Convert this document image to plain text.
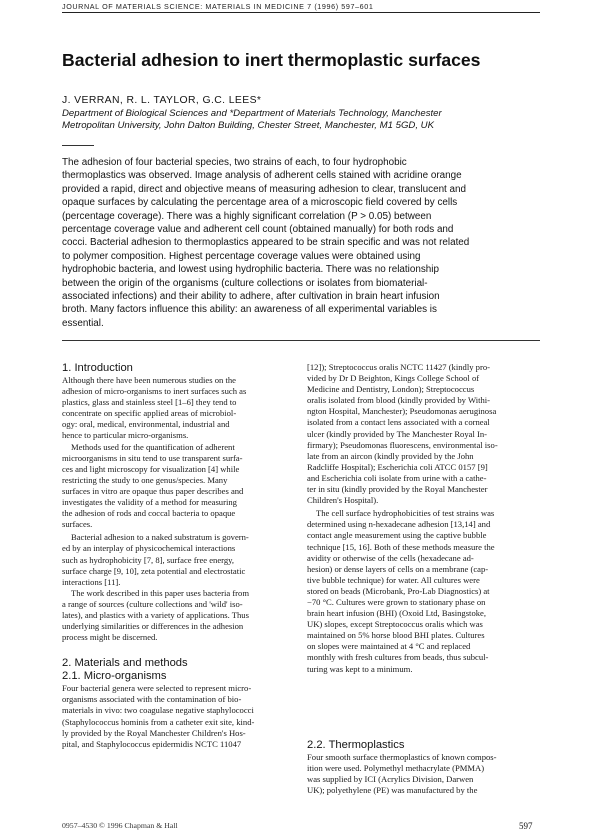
JOURNAL OF MATERIALS SCIENCE: MATERIALS IN MEDICINE 7 (1996) 597–601
Bacterial adhesion to inert thermoplastic surfaces
J. VERRAN, R. L. TAYLOR, G.C. LEES*
Department of Biological Sciences and *Department of Materials Technology, Manchester
Metropolitan University, John Dalton Building, Chester Street, Manchester, M1 5GD, UK
The adhesion of four bacterial species, two strains of each, to four hydrophobic
thermoplastics was observed. Image analysis of adherent cells stained with acridine orange
provided a rapid, direct and objective means of measuring adhesion to clear, translucent and
opaque surfaces by calculating the percentage area of a microscopic field covered by cells
(percentage coverage). There was a highly significant correlation (P > 0.05) between
percentage coverage value and adherent cell count (obtained manually) for both rods and
cocci. Bacterial adhesion to thermoplastics appeared to be strain specific and was not related
to polymer composition. Highest percentage coverage values were obtained using
hydrophobic bacteria, and lowest using hydrophilic bacteria. There was no relationship
between the origin of the organisms (culture collections or isolates from biomaterial-
associated infections) and their ability to adhere, after cultivation in brain heart infusion
broth. Many factors influence this ability: an awareness of all experimental variables is
essential.
1. Introduction
Although there have been numerous studies on the
adhesion of micro-organisms to inert surfaces such as
plastics, glass and stainless steel [1–6] they tend to
concentrate on specific applied areas of microbiol-
ogy: oral, medical, environmental, industrial and
hence to particular micro-organisms.
Methods used for the quantification of adherent
microorganisms in situ tend to use transparent surfa-
ces and light microscopy for visualization [4] while
restricting the study to one genus/species. Many
surfaces in vitro are opaque thus paper describes and
investigates the validity of a method for measuring
the adhesion of rods and coccal bacteria to opaque
surfaces.
Bacterial adhesion to a naked substratum is govern-
ed by an interplay of physicochemical interactions
such as hydrophobicity [7, 8], surface free energy,
surface charge [9, 10], zeta potential and electrostatic
interactions [11].
The work described in this paper uses bacteria from
a range of sources (culture collections and 'wild' iso-
lates), and plastics with a variety of applications. Thus
underlying similarities or differences in the adhesion
process might be discerned.
2. Materials and methods
2.1. Micro-organisms
Four bacterial genera were selected to represent micro-
organisms associated with the contamination of bio-
materials in vivo: two coagulase negative staphylococci
(Staphylococcus hominis from a catheter exit site, kind-
ly provided by the Royal Manchester Children's Hos-
pital, and Staphylococcus epidermidis NCTC 11047
[12]); Streptococcus oralis NCTC 11427 (kindly pro-
vided by Dr D Beighton, Kings College School of
Medicine and Dentistry, London); Streptococcus
oralis isolated from blood (kindly provided by Withi-
ngton Hospital, Manchester); Pseudomonas aeruginosa
isolated from a contact lens associated with a corneal
ulcer (kindly provided by The Manchester Royal In-
firmary); Pseudomonas fluorescens, environmental iso-
late from an aircon (kindly provided by the John
Radcliffe Hospital); Escherichia coli ATCC 0157 [9]
and Escherichia coli isolate from urine with a cathe-
ter in situ (kindly provided by the Royal Manchester
Children's Hospital).
The cell surface hydrophobicities of test strains was
determined using n-hexadecane adhesion [13,14] and
contact angle measurement using the captive bubble
technique [15, 16]. Both of these methods measure the
avidity or otherwise of the cells (hexadecane ad-
hesion) or dense layers of cells on a membrane (cap-
tive bubble technique) for water. All cultures were
stored on beads (Microbank, Pro-Lab Diagnostics) at
−70 °C. Cultures were grown to stationary phase on
brain heart infusion (BHI) (Oxoid Ltd, Basingstoke,
UK) slopes, except Streptococcus oralis which was
maintained on 5% horse blood BHI plates. Cultures
on slopes were maintained at 4 °C and replaced
monthly with fresh cultures from beads, thus subcul-
turing was kept to a minimum.
2.2. Thermoplastics
Four smooth surface thermoplastics of known compos-
ition were used. Polymethyl methacrylate (PMMA)
was supplied by ICI (Acrylics Division, Darwen
UK); polyethylene (PE) was manufactured by the
0957–4530 © 1996 Chapman & Hall	597
